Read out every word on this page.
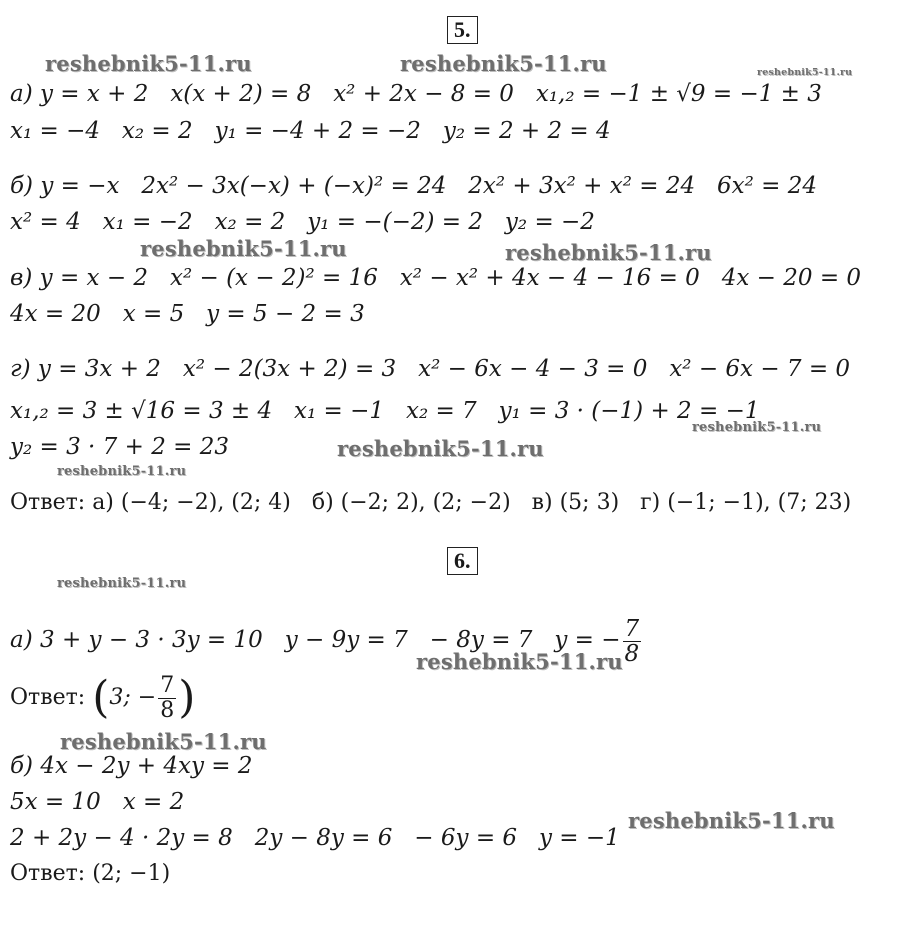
5.
а) y = x + 2   x(x + 2) = 8   x² + 2x − 8 = 0   x₁,₂ = −1 ± √9 = −1 ± 3
x₁ = −4   x₂ = 2   y₁ = −4 + 2 = −2   y₂ = 2 + 2 = 4
б) y = −x   2x² − 3x(−x) + (−x)² = 24   2x² + 3x² + x² = 24   6x² = 24
x² = 4   x₁ = −2   x₂ = 2   y₁ = −(−2) = 2   y₂ = −2
в) y = x − 2   x² − (x − 2)² = 16   x² − x² + 4x − 4 − 16 = 0   4x − 20 = 0
4x = 20   x = 5   y = 5 − 2 = 3
г) y = 3x + 2   x² − 2(3x + 2) = 3   x² − 6x − 4 − 3 = 0   x² − 6x − 7 = 0
x₁,₂ = 3 ± √16 = 3 ± 4   x₁ = −1   x₂ = 7   y₁ = 3 · (−1) + 2 = −1
y₂ = 3 · 7 + 2 = 23
Ответ: а) (−4; −2), (2; 4)   б) (−2; 2), (2; −2)   в) (5; 3)   г) (−1; −1), (7; 23)
6.
а) 3 + y − 3 · 3y = 10   y − 9y = 7   − 8y = 7   y = − $\frac{7}{8}$
Ответ: (3; − $\frac{7}{8}$ )
б) 4x − 2y + 4xy = 2
5x = 10   x = 2
2 + 2y − 4 · 2y = 8   2y − 8y = 6   − 6y = 6   y = −1
Ответ: (2; −1)
reshebnik5-11.ru	reshebnik5-11.ru	reshebnik5-11.ru
reshebnik5-11.ru	reshebnik5-11.ru
reshebnik5-11.ru
reshebnik5-11.ru
reshebnik5-11.ru
reshebnik5-11.ru
reshebnik5-11.ru
reshebnik5-11.ru
reshebnik5-11.ru
